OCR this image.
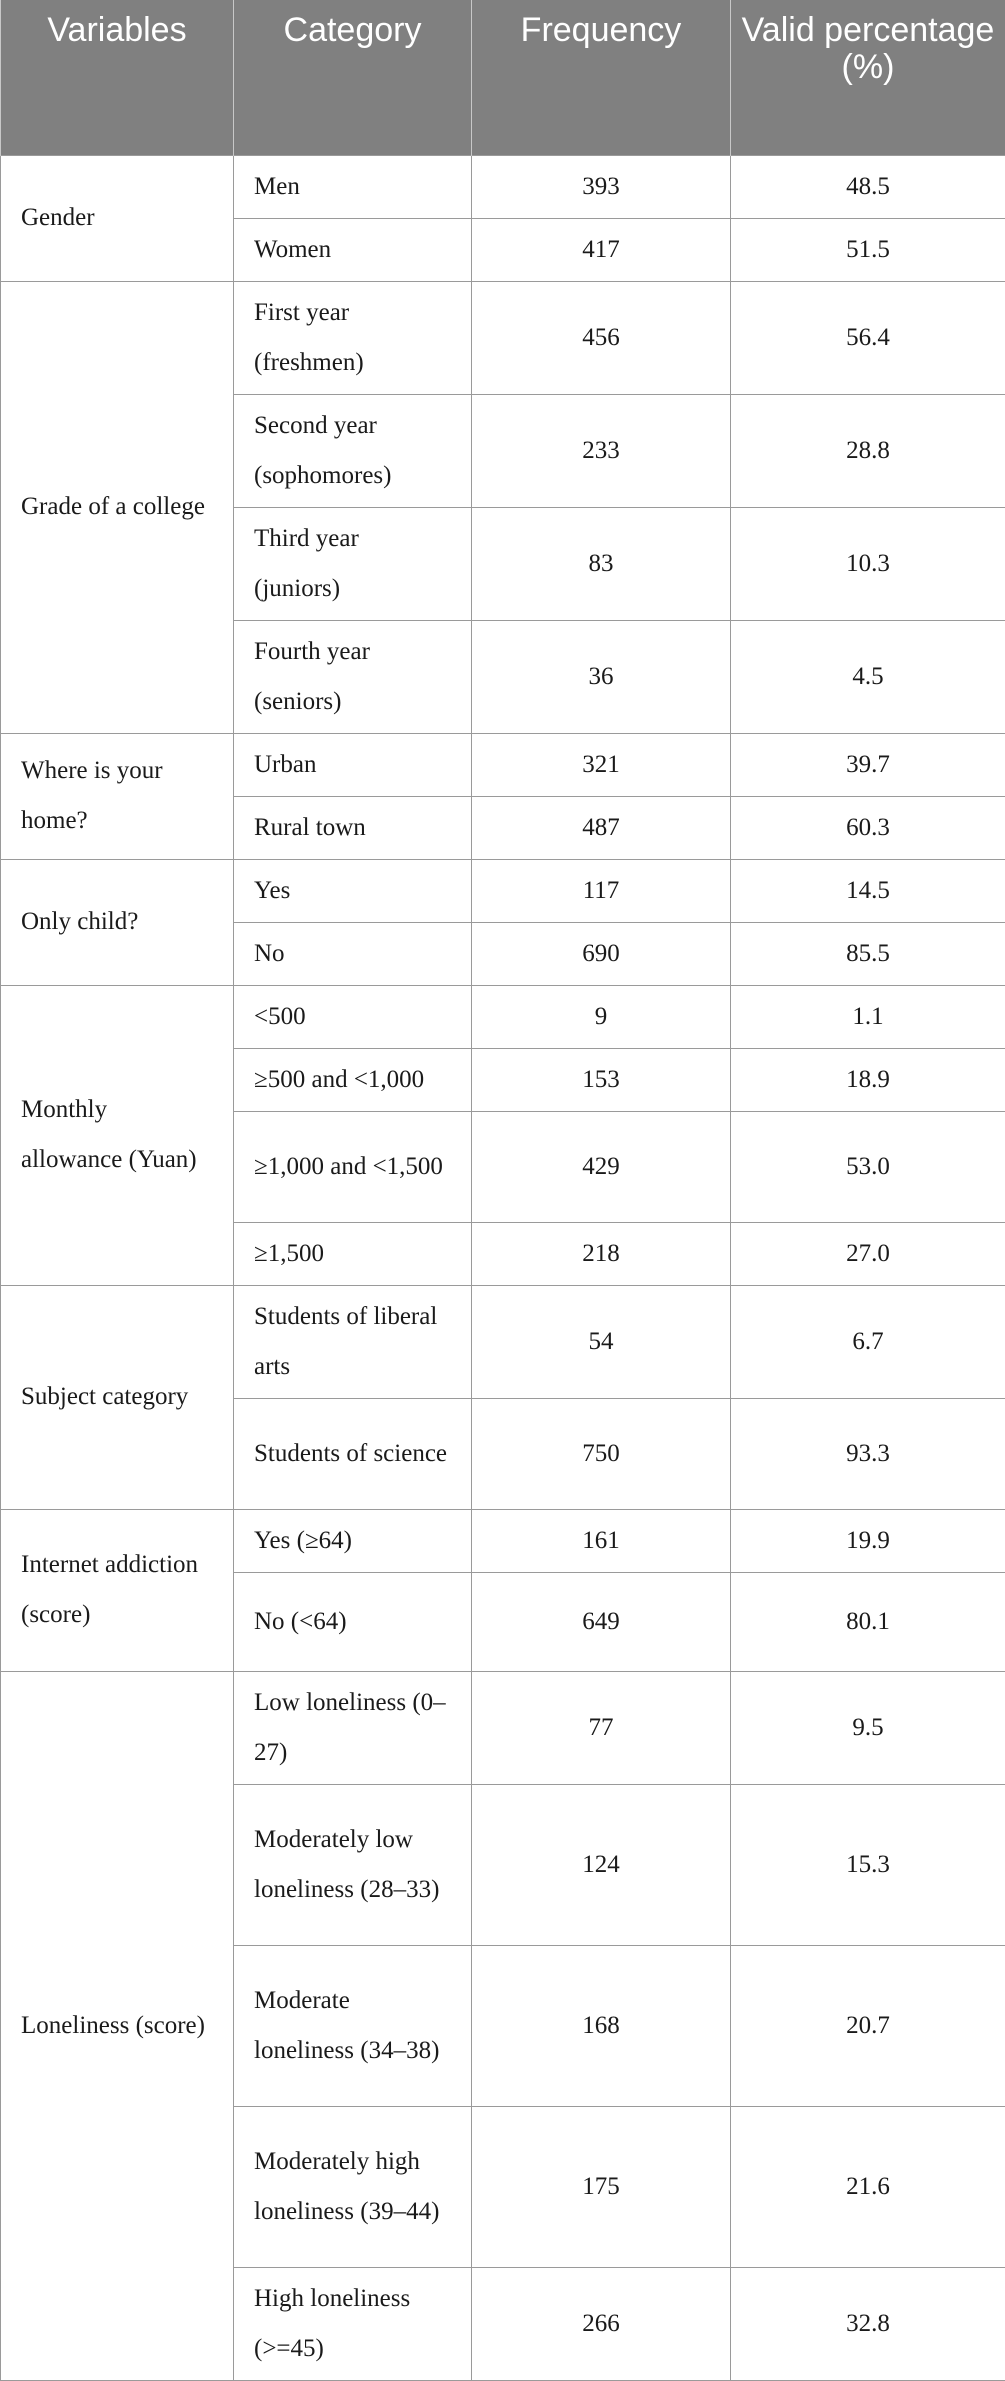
Variables	Category	Frequency	Valid percentage (%)
Gender	Men	393	48.5
	Women	417	51.5
Grade of a college	First year (freshmen)	456	56.4
	Second year (sophomores)	233	28.8
	Third year (juniors)	83	10.3
	Fourth year (seniors)	36	4.5
Where is your home?	Urban	321	39.7
	Rural town	487	60.3
Only child?	Yes	117	14.5
	No	690	85.5
Monthly allowance (Yuan)	<500	9	1.1
	≥500 and <1,000	153	18.9
	≥1,000 and <1,500	429	53.0
	≥1,500	218	27.0
Subject category	Students of liberal arts	54	6.7
	Students of science	750	93.3
Internet addiction (score)	Yes (≥64)	161	19.9
	No (<64)	649	80.1
Loneliness (score)	Low loneliness (0–27)	77	9.5
	Moderately low loneliness (28–33)	124	15.3
	Moderate loneliness (34–38)	168	20.7
	Moderately high loneliness (39–44)	175	21.6
	High loneliness (>=45)	266	32.8
